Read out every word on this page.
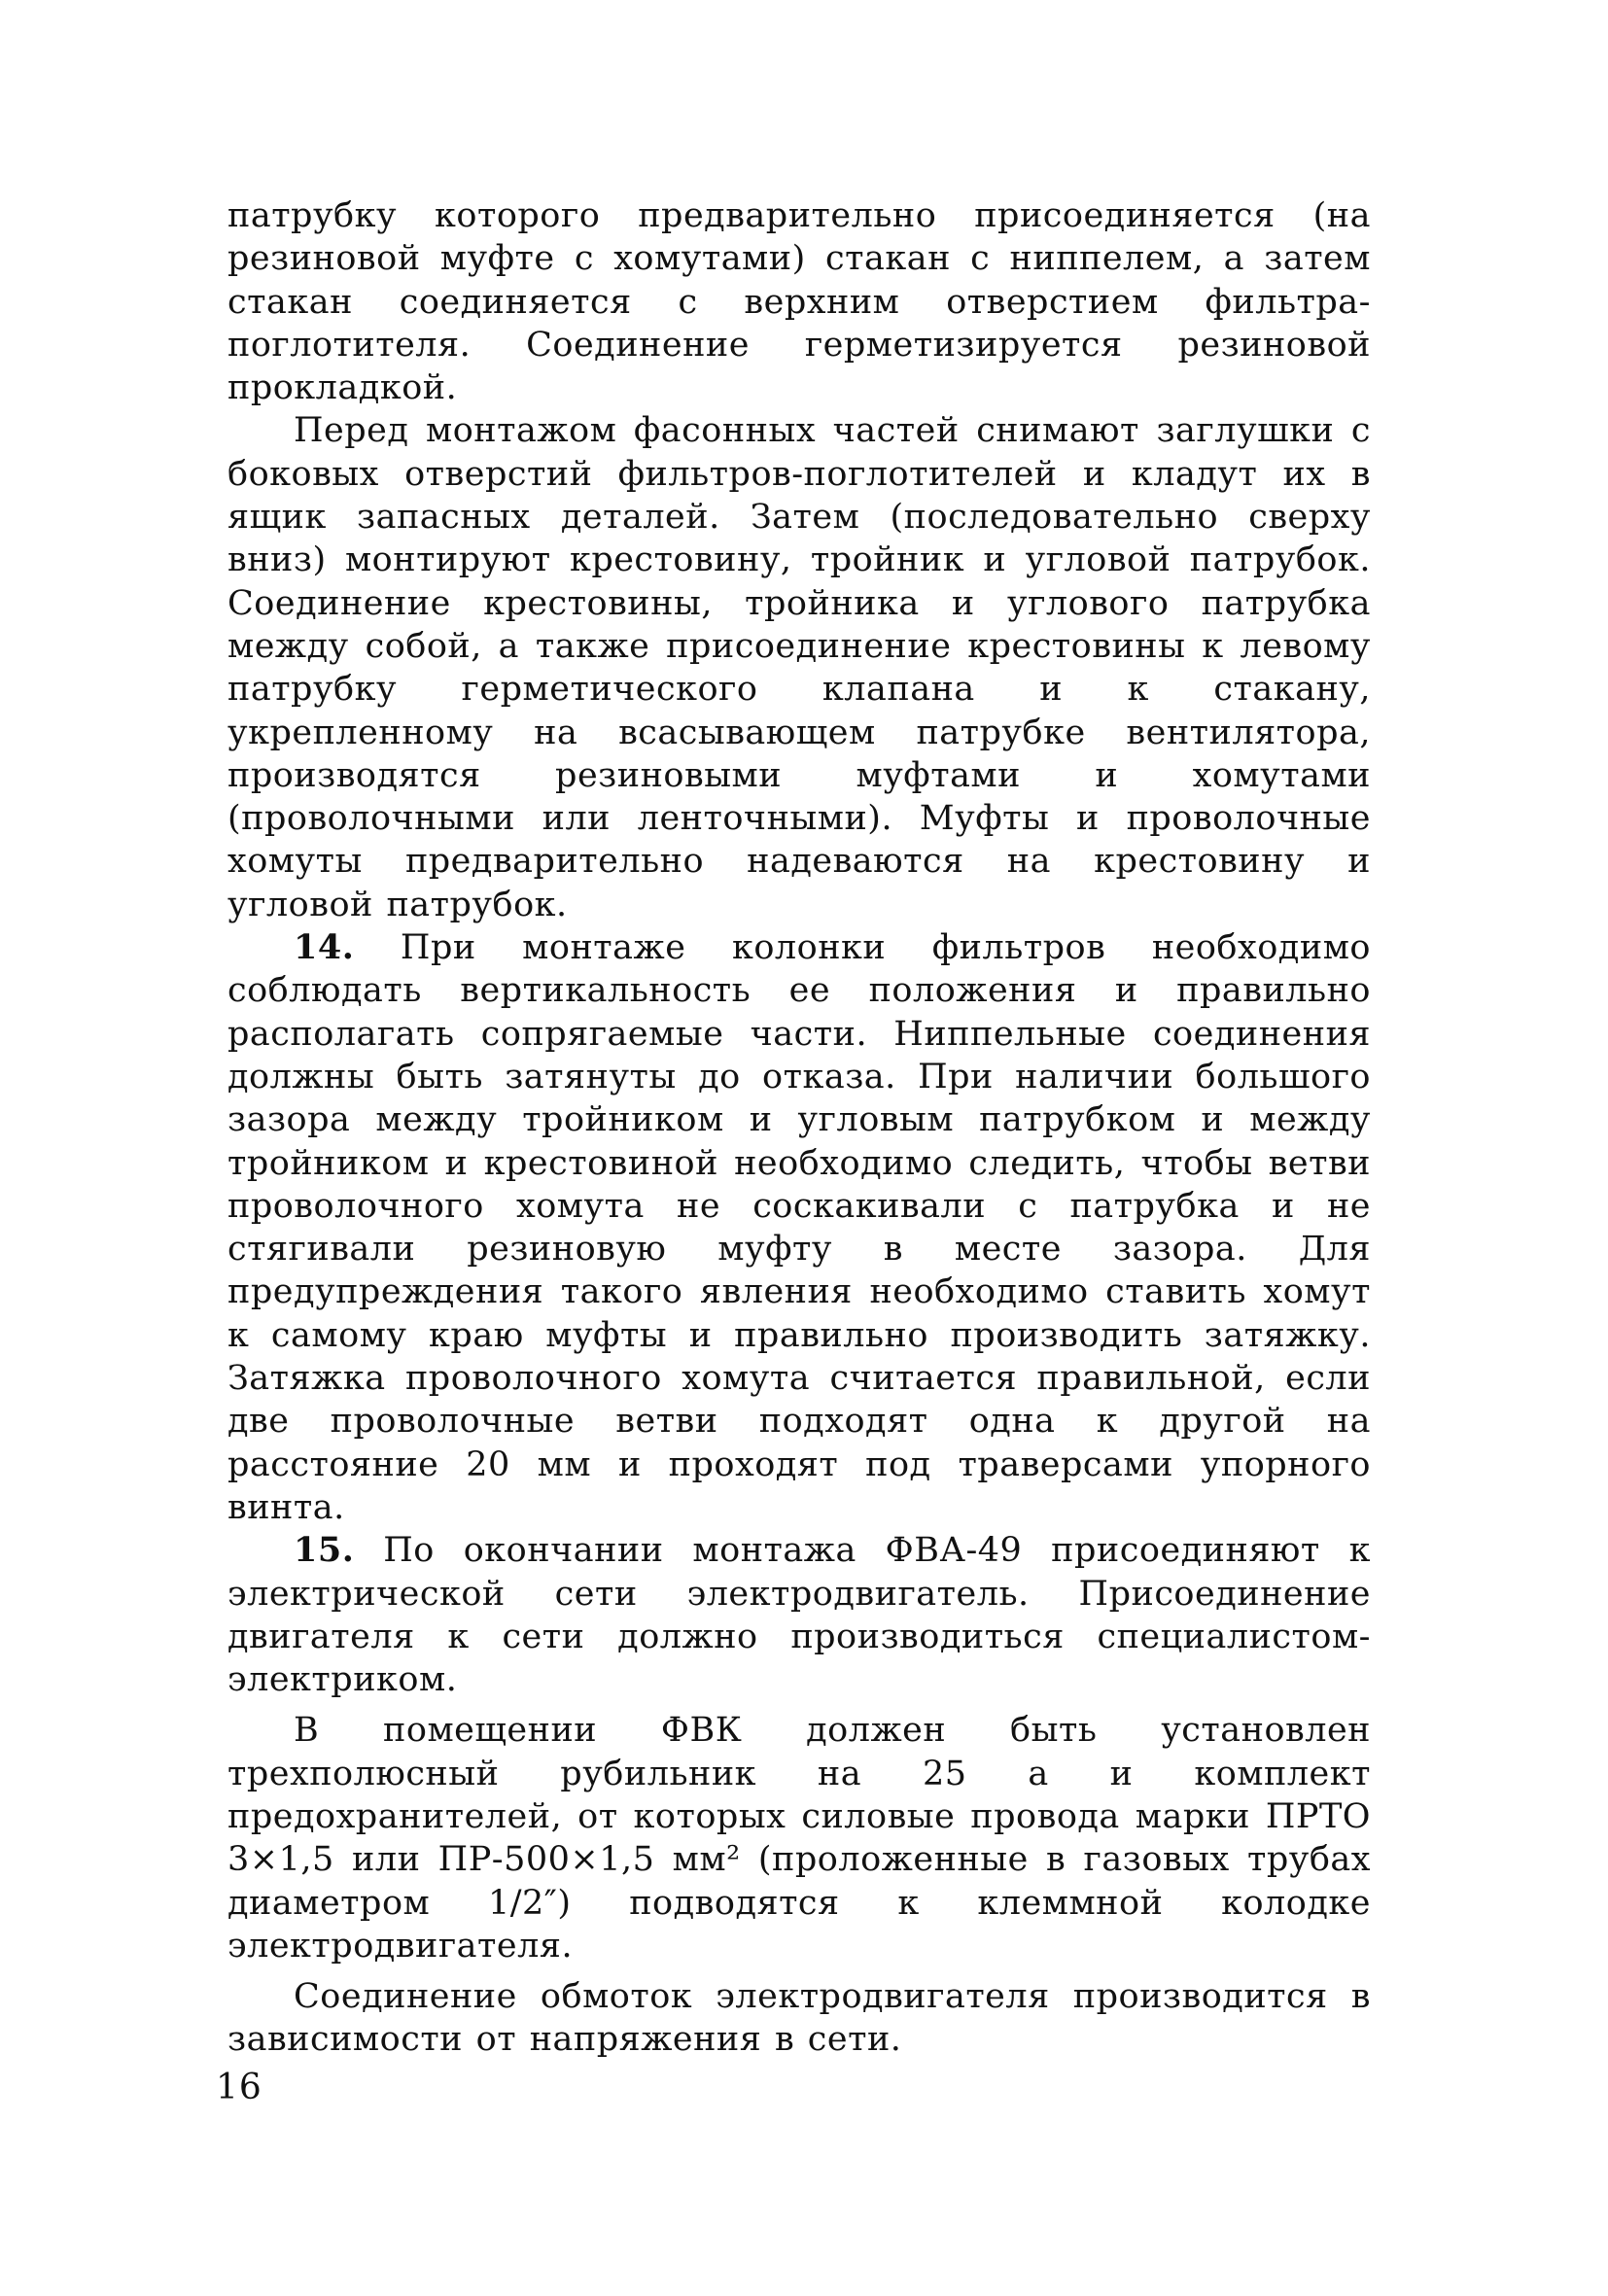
патрубку которого предварительно присоединяется (на резиновой муфте с хомутами) стакан с ниппелем, а затем стакан соединяется с верхним отверстием фильтра-поглотителя. Соединение герметизируется резиновой прокладкой.

Перед монтажом фасонных частей снимают заглушки с боковых отверстий фильтров-поглотителей и кладут их в ящик запасных деталей. Затем (последовательно сверху вниз) монтируют крестовину, тройник и угловой патрубок. Соединение крестовины, тройника и углового патрубка между собой, а также присоединение крестовины к левому патрубку герметического клапана и к стакану, укрепленному на всасывающем патрубке вентилятора, производятся резиновыми муфтами и хомутами (проволочными или ленточными). Муфты и проволочные хомуты предварительно надеваются на крестовину и угловой патрубок.

14. При монтаже колонки фильтров необходимо соблюдать вертикальность ее положения и правильно располагать сопрягаемые части. Ниппельные соединения должны быть затянуты до отказа. При наличии большого зазора между тройником и угловым патрубком и между тройником и крестовиной необходимо следить, чтобы ветви проволочного хомута не соскакивали с патрубка и не стягивали резиновую муфту в месте зазора. Для предупреждения такого явления необходимо ставить хомут к самому краю муфты и правильно производить затяжку. Затяжка проволочного хомута считается правильной, если две проволочные ветви подходят одна к другой на расстояние 20 мм и проходят под траверсами упорного винта.

15. По окончании монтажа ФВА-49 присоединяют к электрической сети электродвигатель. Присоединение двигателя к сети должно производиться специалистом-электриком.

В помещении ФВК должен быть установлен трехполюсный рубильник на 25 а и комплект предохранителей, от которых силовые провода марки ПРТО 3×1,5 или ПР-500×1,5 мм² (проложенные в газовых трубах диаметром 1/2″) подводятся к клеммной колодке электродвигателя.

Соединение обмоток электродвигателя производится в зависимости от напряжения в сети.

16
